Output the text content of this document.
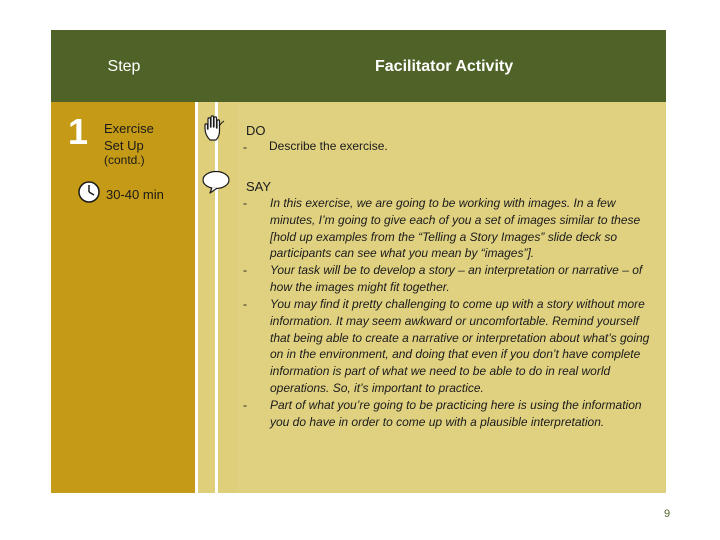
Step	Facilitator Activity
1 Exercise
Set Up
(contd.)
30-40 min
DO
- Describe the exercise.
SAY
- In this exercise, we are going to be working with images. In a few minutes, I’m going to give each of you a set of images similar to these [hold up examples from the “Telling a Story Images” slide deck so participants can see what you mean by “images”].
- Your task will be to develop a story – an interpretation or narrative – of how the images might fit together.
- You may find it pretty challenging to come up with a story without more information. It may seem awkward or uncomfortable. Remind yourself that being able to create a narrative or interpretation about what’s going on in the environment, and doing that even if you don’t have complete information is part of what we need to be able to do in real world operations. So, it’s important to practice.
- Part of what you’re going to be practicing here is using the information you do have in order to come up with a plausible interpretation.
9
